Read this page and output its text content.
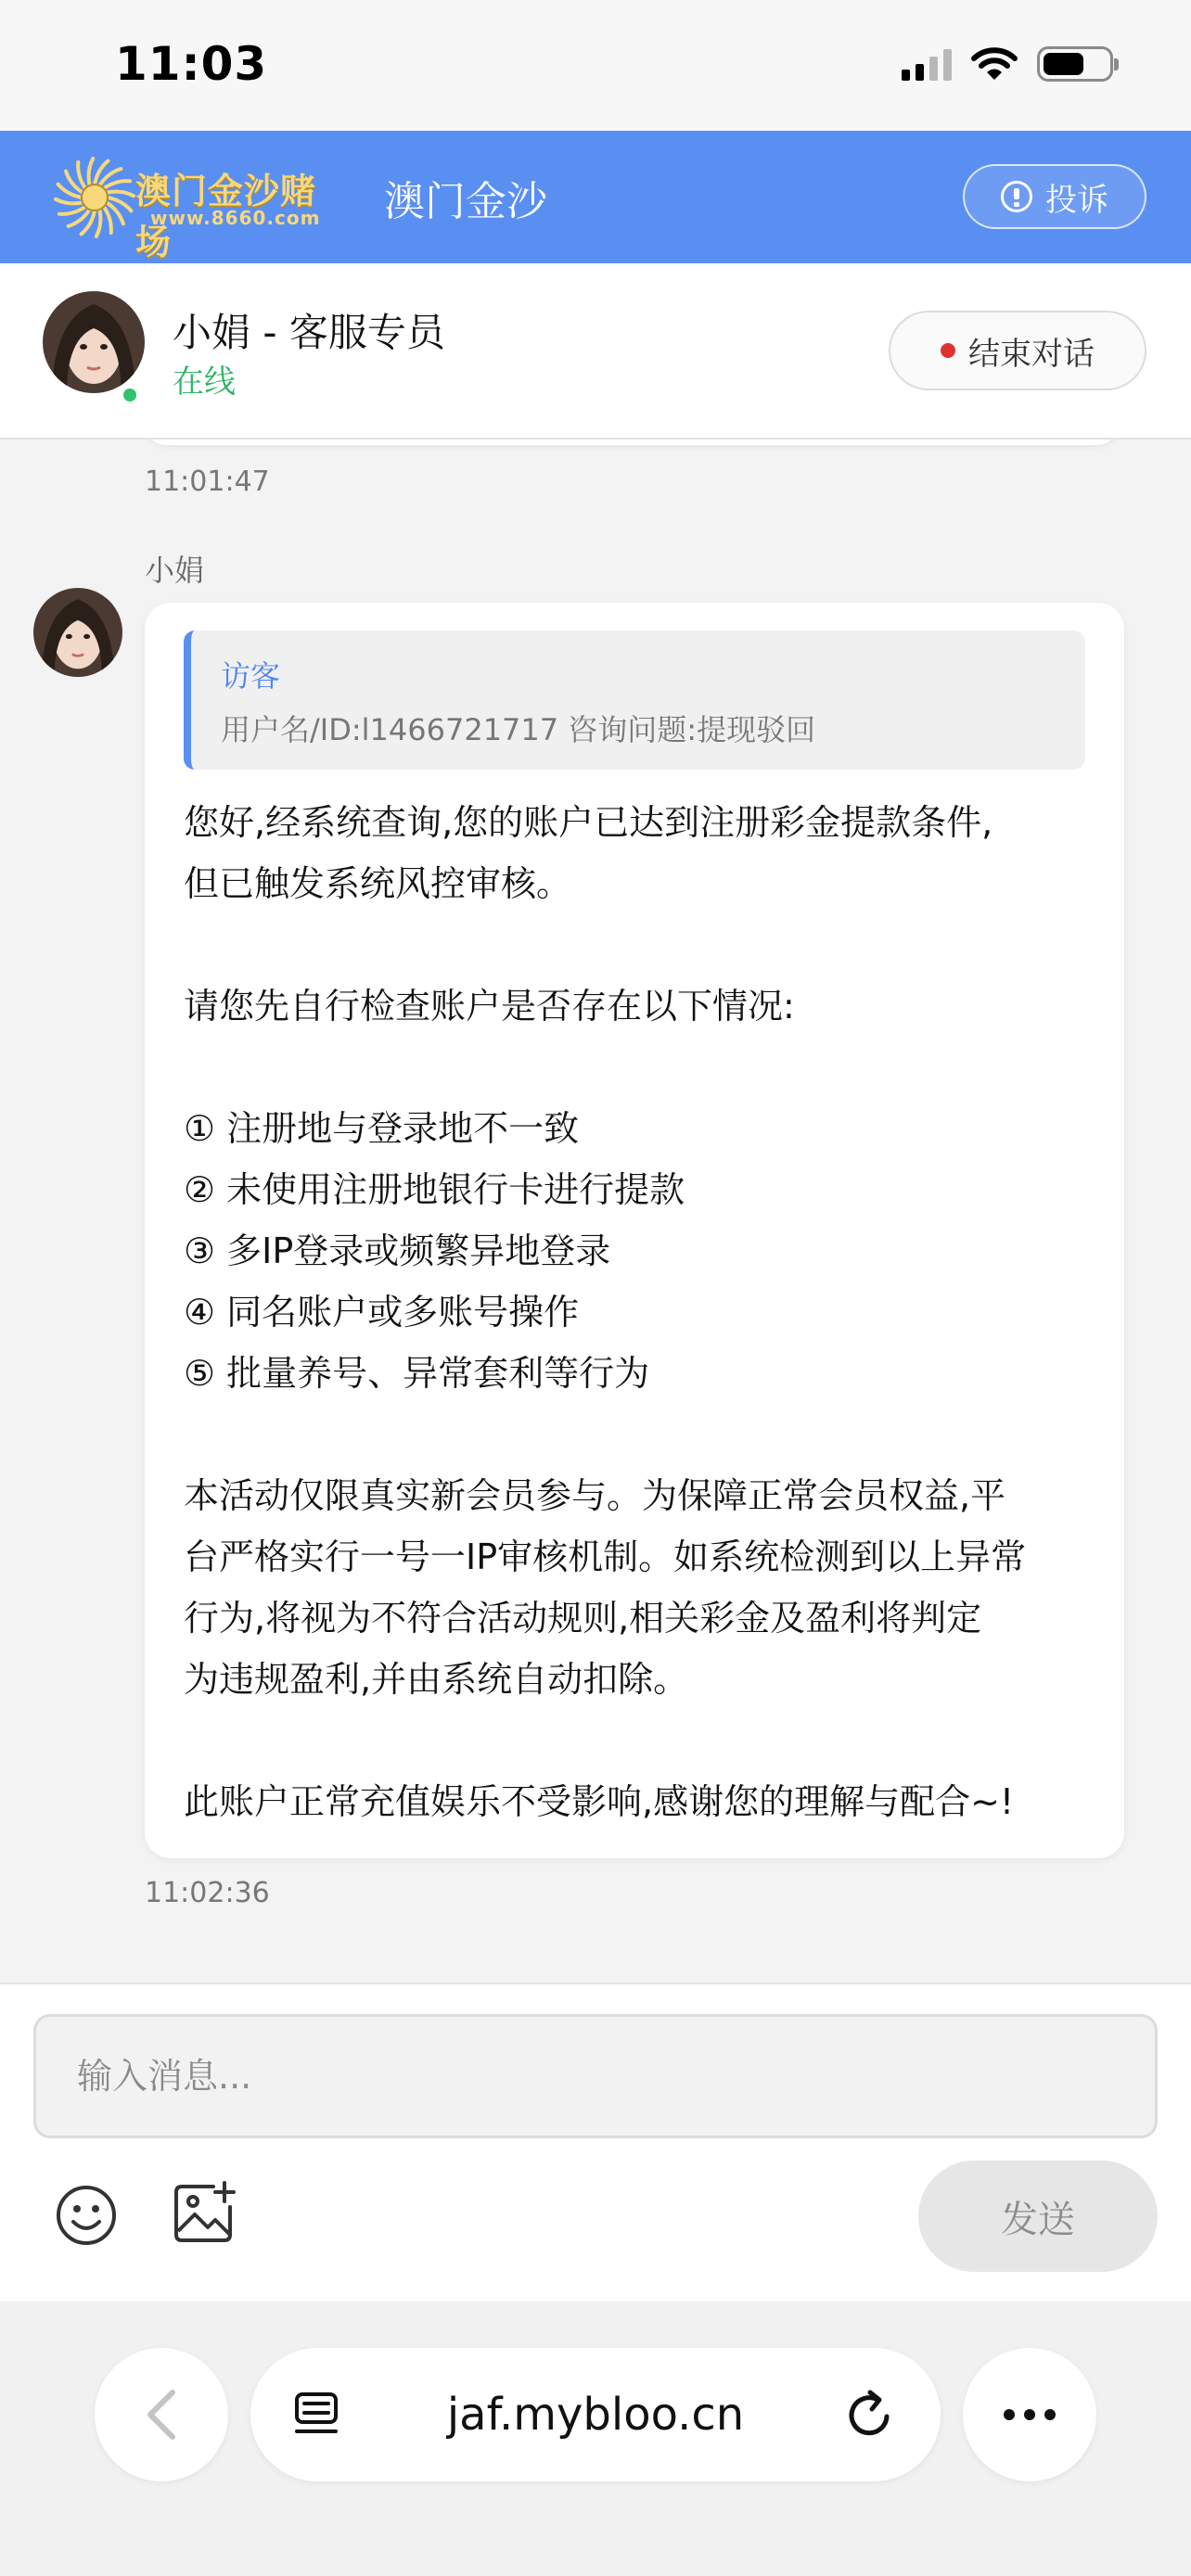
11:03
澳门金沙赌场
www.8660.com 澳门金沙	投诉
小娟 - 客服专员
在线
结束对话
11:01:47
小娟
访客
用户名/ID:l1466721717 咨询问题:提现驳回
您好,经系统查询,您的账户已达到注册彩金提款条件,
但已触发系统风控审核。
请您先自行检查账户是否存在以下情况:
① 注册地与登录地不一致
② 未使用注册地银行卡进行提款
③ 多IP登录或频繁异地登录
④ 同名账户或多账号操作
⑤ 批量养号、异常套利等行为
本活动仅限真实新会员参与。为保障正常会员权益,平
台严格实行一号一IP审核机制。如系统检测到以上异常
行为,将视为不符合活动规则,相关彩金及盈利将判定
为违规盈利,并由系统自动扣除。
此账户正常充值娱乐不受影响,感谢您的理解与配合~!
11:02:36
输入消息...
发送
jaf.mybloo.cn
